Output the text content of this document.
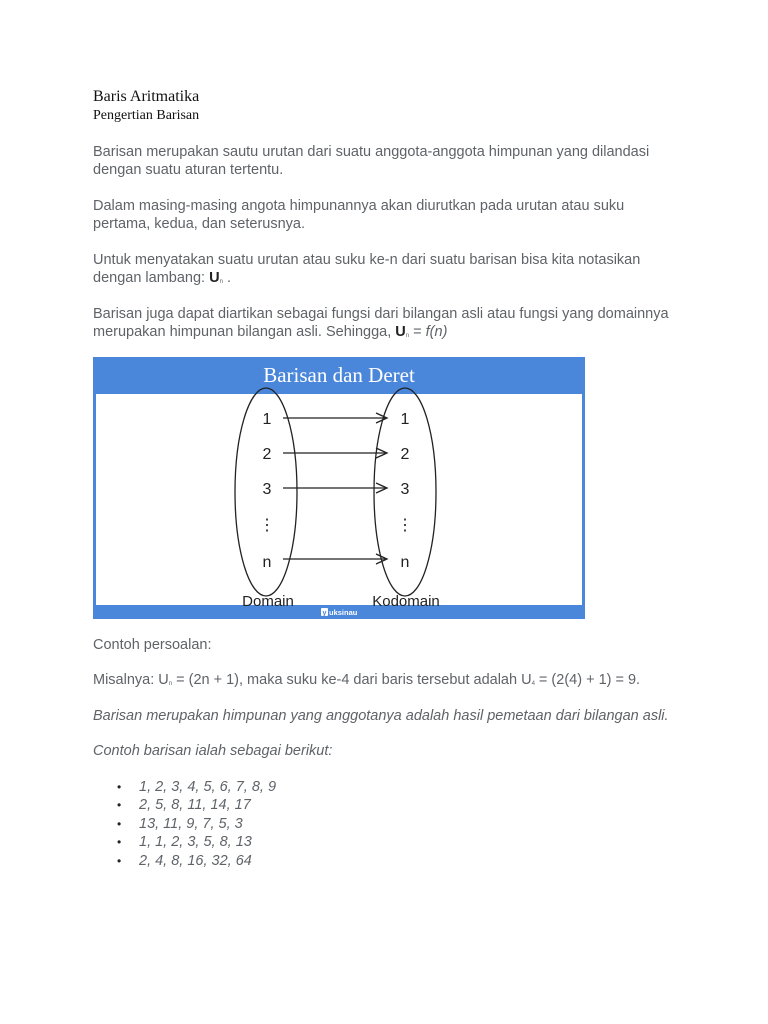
Baris Aritmatika
Pengertian Barisan

Barisan merupakan sautu urutan dari suatu anggota-anggota himpunan yang dilandasi dengan suatu aturan tertentu.

Dalam masing-masing angota himpunannya akan diurutkan pada urutan atau suku pertama, kedua, dan seterusnya.

Untuk menyatakan suatu urutan atau suku ke-n dari suatu barisan bisa kita notasikan dengan lambang: Un .

Barisan juga dapat diartikan sebagai fungsi dari bilangan asli atau fungsi yang domainnya merupakan himpunan bilangan asli. Sehingga, Un = f(n)

Barisan dan Deret
1
2
3
⋮
n
1
2
3
⋮
n
Domain	Kodomain
y uksinau

Contoh persoalan:

Misalnya: Un = (2n + 1), maka suku ke-4 dari baris tersebut adalah U4 = (2(4) + 1) = 9.

Barisan merupakan himpunan yang anggotanya adalah hasil pemetaan dari bilangan asli.

Contoh barisan ialah sebagai berikut:

• 1, 2, 3, 4, 5, 6, 7, 8, 9
• 2, 5, 8, 11, 14, 17
• 13, 11, 9, 7, 5, 3
• 1, 1, 2, 3, 5, 8, 13
• 2, 4, 8, 16, 32, 64
